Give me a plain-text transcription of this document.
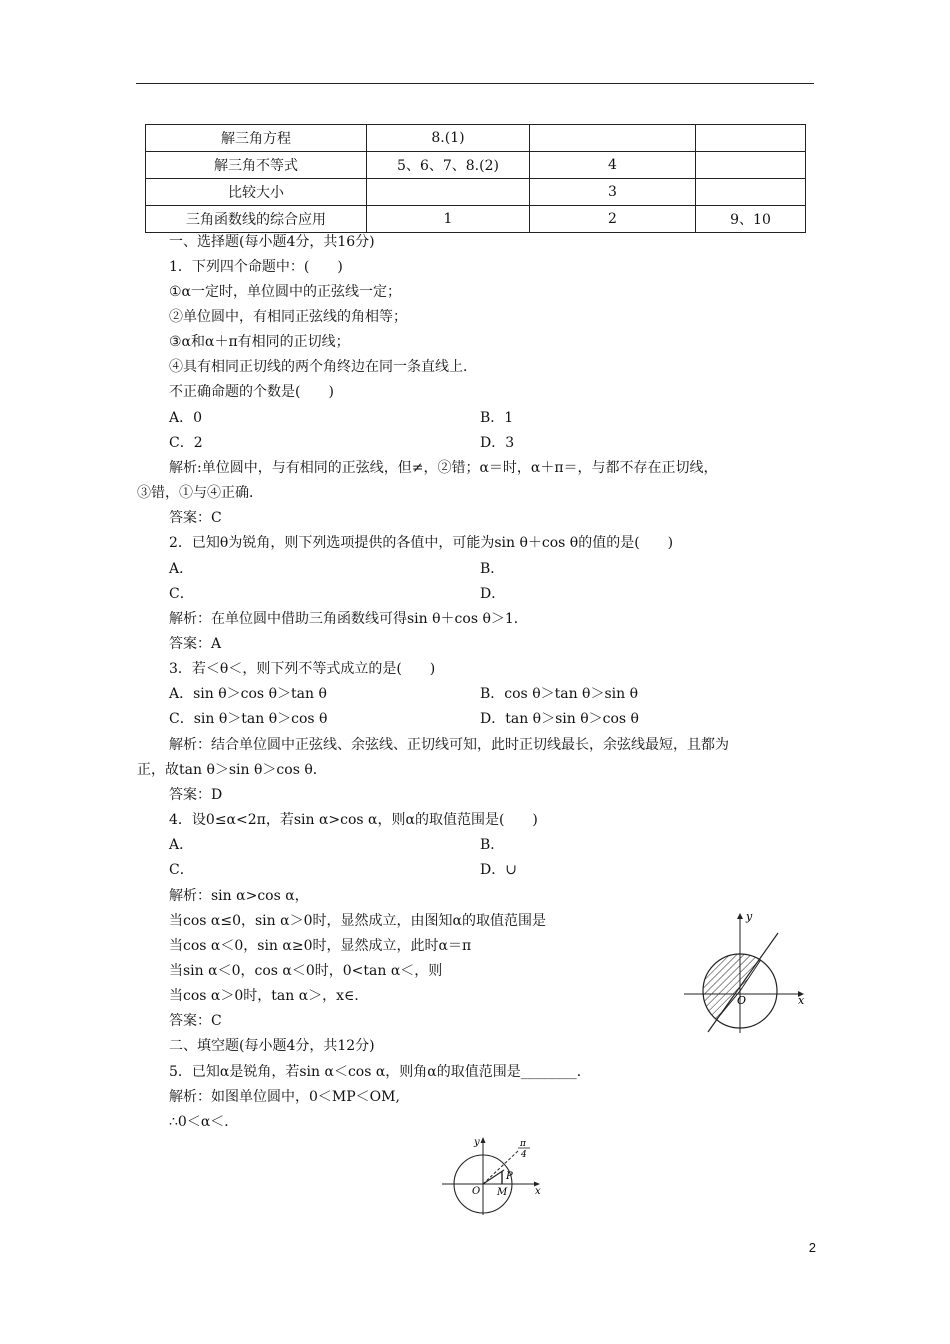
解三角方程	8.(1)		
解三角不等式	5、6、7、8.(2)	4	
比较大小		3	
三角函数线的综合应用	1	2	9、10
一、选择题(每小题4分，共16分)
1．下列四个命题中：(　　)
①α一定时，单位圆中的正弦线一定；
②单位圆中，有相同正弦线的角相等；
③α和α＋π有相同的正切线；
④具有相同正切线的两个角终边在同一条直线上．
不正确命题的个数是(　　)
A．0	B．1
C．2	D．3
解析:单位圆中，与有相同的正弦线，但≠，②错；α＝时，α＋π＝，与都不存在正切线，
③错，①与④正确．
答案：C
2．已知θ为锐角，则下列选项提供的各值中，可能为sin θ＋cos θ的值的是(　　)
A．	B．
C．	D．
解析：在单位圆中借助三角函数线可得sin θ＋cos θ＞1．
答案：A
3．若＜θ＜，则下列不等式成立的是(　　)
A．sin θ＞cos θ＞tan θ	B．cos θ＞tan θ＞sin θ
C．sin θ＞tan θ＞cos θ	D．tan θ＞sin θ＞cos θ
解析：结合单位圆中正弦线、余弦线、正切线可知，此时正切线最长，余弦线最短，且都为
正，故tan θ＞sin θ＞cos θ．
答案：D
4．设0≤α<2π，若sin α>cos α，则α的取值范围是(　　)
A．	B．
C．	D．∪
解析：sin α>cos α，
当cos α≤0，sin α＞0时，显然成立，由图知α的取值范围是
当cos α＜0，sin α≥0时，显然成立，此时α＝π
当sin α＜0，cos α＜0时，0<tan α＜，则
当cos α＞0时，tan α＞，x∈．
答案：C
二、填空题(每小题4分，共12分)
5．已知α是锐角，若sin α＜cos α，则角α的取值范围是________．
解析：如图单位圆中，0＜MP＜OM,
∴0＜α＜．
x
y
O
x
y
O M
P
π
4
2
